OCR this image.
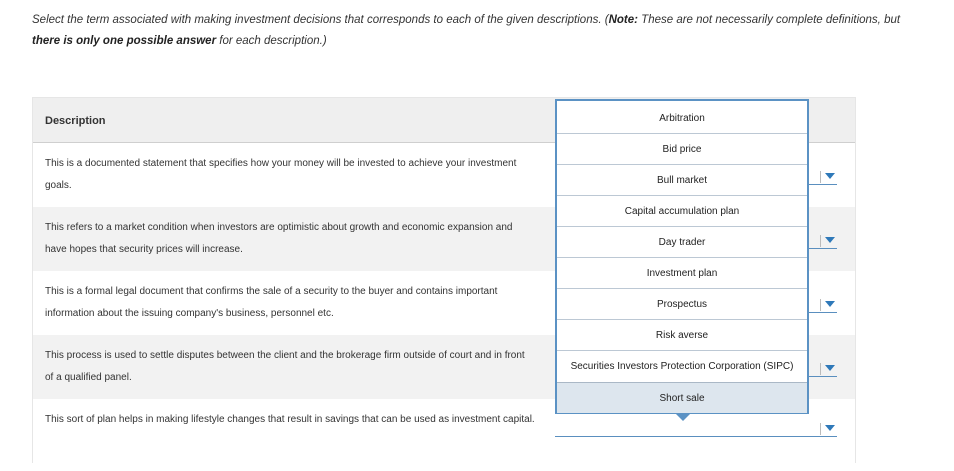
Select the term associated with making investment decisions that corresponds to each of the given descriptions. (Note: These are not necessarily complete definitions, but there is only one possible answer for each description.)
Description
This is a documented statement that specifies how your money will be invested to achieve your investment goals.
This refers to a market condition when investors are optimistic about growth and economic expansion and have hopes that security prices will increase.
This is a formal legal document that confirms the sale of a security to the buyer and contains important information about the issuing company's business, personnel etc.
This process is used to settle disputes between the client and the brokerage firm outside of court and in front of a qualified panel.
This sort of plan helps in making lifestyle changes that result in savings that can be used as investment capital.
Arbitration
Bid price
Bull market
Capital accumulation plan
Day trader
Investment plan
Prospectus
Risk averse
Securities Investors Protection Corporation (SIPC)
Short sale
